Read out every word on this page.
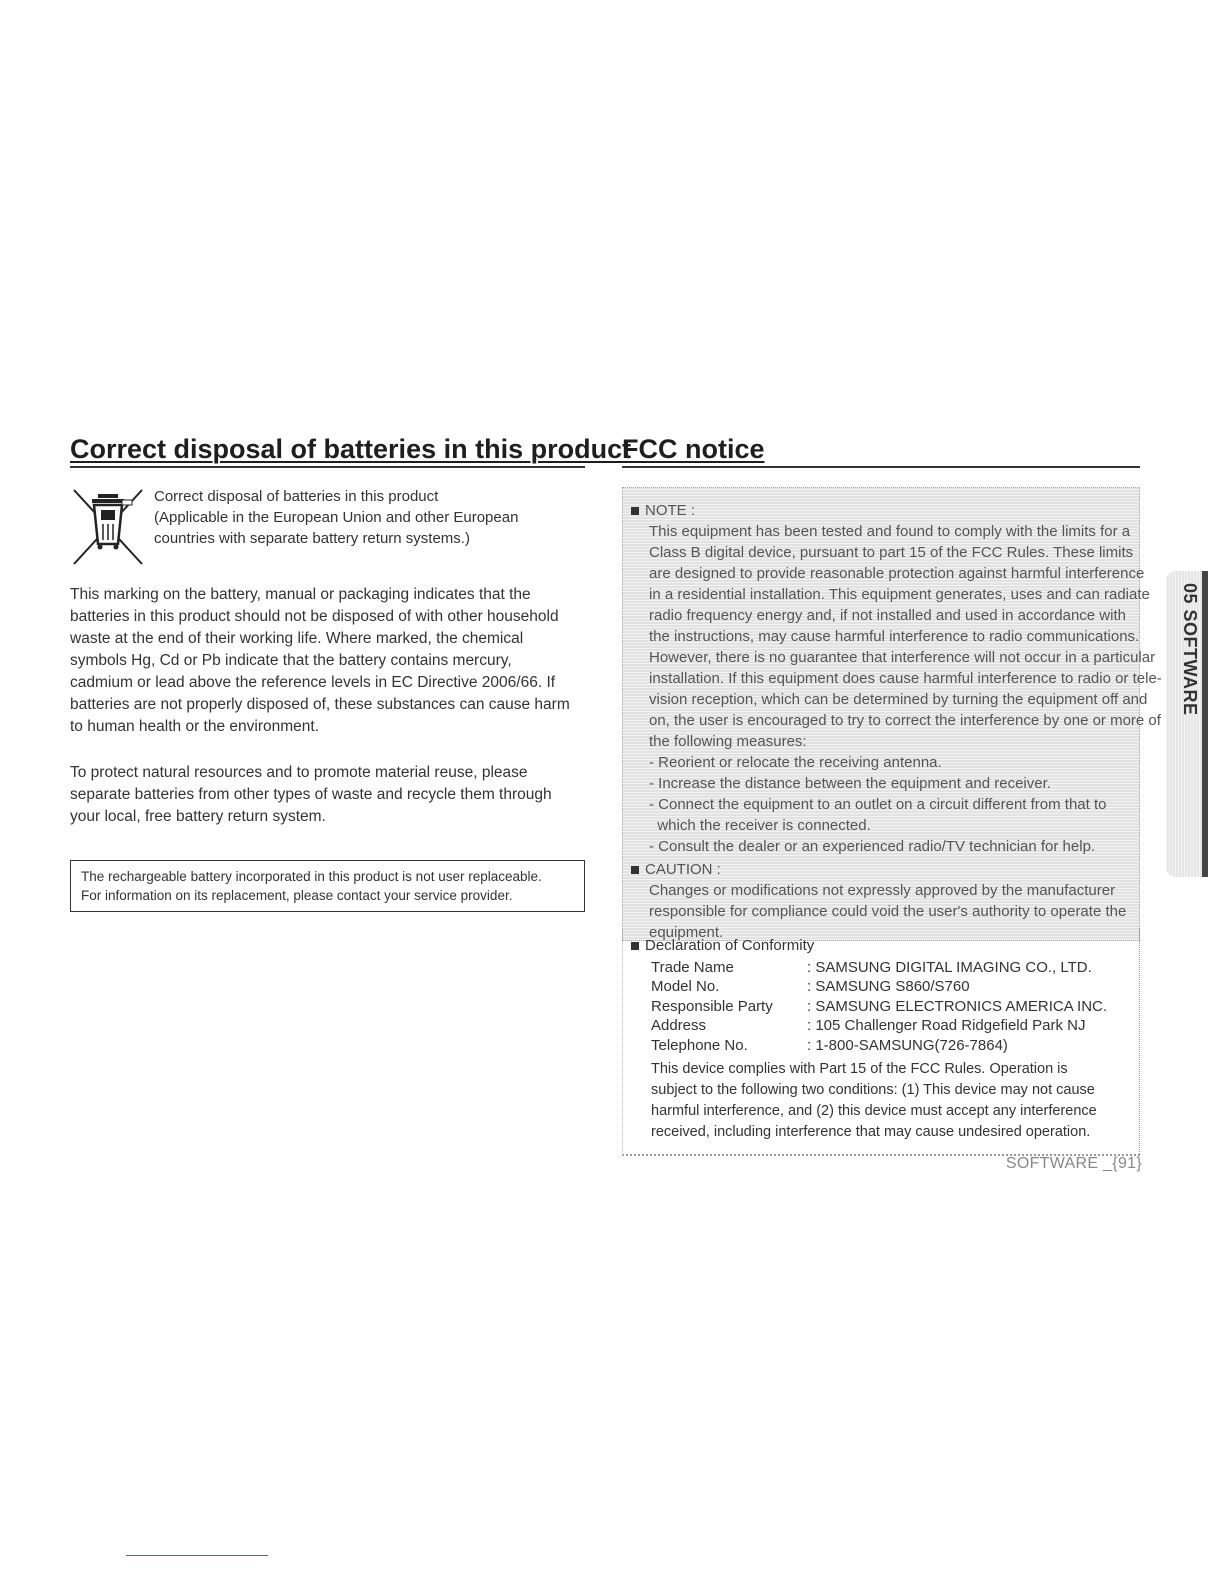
Correct disposal of batteries in this product
Correct disposal of batteries in this product
(Applicable in the European Union and other European
countries with separate battery return systems.)
This marking on the battery, manual or packaging indicates that the
batteries in this product should not be disposed of with other household
waste at the end of their working life. Where marked, the chemical
symbols Hg, Cd or Pb indicate that the battery contains mercury,
cadmium or lead above the reference levels in EC Directive 2006/66. If
batteries are not properly disposed of, these substances can cause harm
to human health or the environment.
To protect natural resources and to promote material reuse, please
separate batteries from other types of waste and recycle them through
your local, free battery return system.
The rechargeable battery incorporated in this product is not user replaceable.
For information on its replacement, please contact your service provider.
FCC notice
NOTE :
This equipment has been tested and found to comply with the limits for a
Class B digital device, pursuant to part 15 of the FCC Rules. These limits
are designed to provide reasonable protection against harmful interference
in a residential installation. This equipment generates, uses and can radiate
radio frequency energy and, if not installed and used in accordance with
the instructions, may cause harmful interference to radio communications.
However, there is no guarantee that interference will not occur in a particular
installation. If this equipment does cause harmful interference to radio or tele-
vision reception, which can be determined by turning the equipment off and
on, the user is encouraged to try to correct the interference by one or more of
the following measures:
- Reorient or relocate the receiving antenna.
- Increase the distance between the equipment and receiver.
- Connect the equipment to an outlet on a circuit different from that to
which the receiver is connected.
- Consult the dealer or an experienced radio/TV technician for help.
CAUTION :
Changes or modifications not expressly approved by the manufacturer
responsible for compliance could void the user's authority to operate the
equipment.
Declaration of Conformity
Trade Name	: SAMSUNG DIGITAL IMAGING CO., LTD.
Model No.	: SAMSUNG S860/S760
Responsible Party	: SAMSUNG ELECTRONICS AMERICA INC.
Address	: 105 Challenger Road Ridgefield Park NJ
Telephone No.	: 1-800-SAMSUNG(726-7864)
This device complies with Part 15 of the FCC Rules. Operation is
subject to the following two conditions: (1) This device may not cause
harmful interference, and (2) this device must accept any interference
received, including interference that may cause undesired operation.
SOFTWARE _{91}
05 SOFTWARE
